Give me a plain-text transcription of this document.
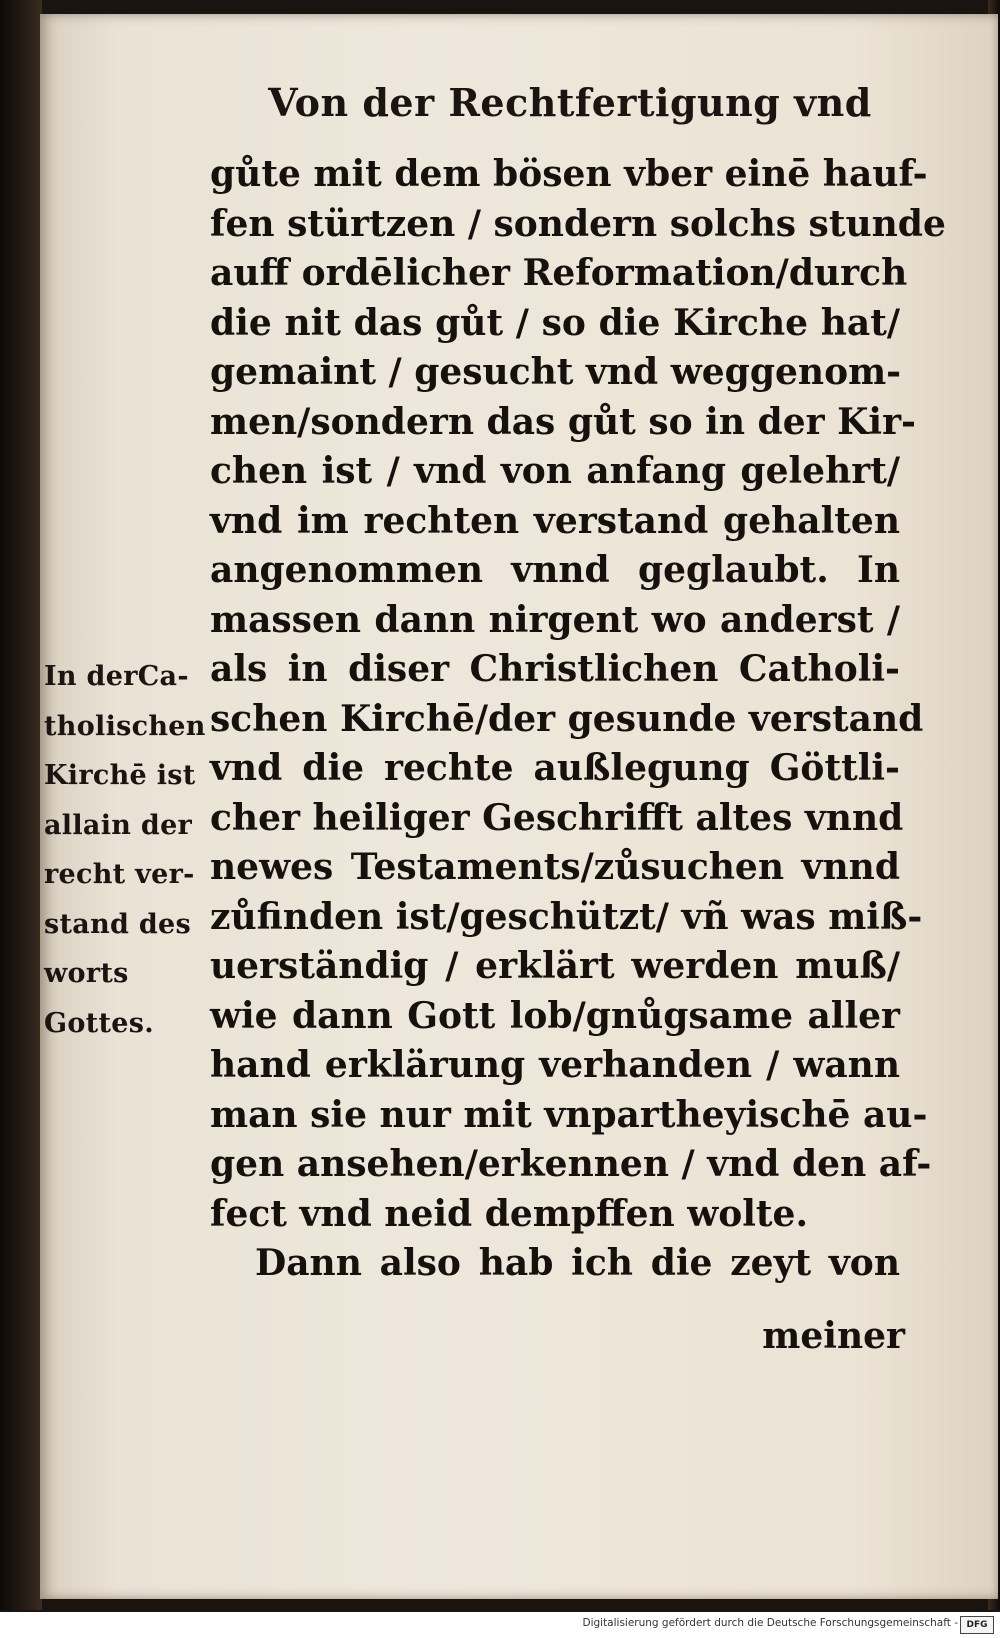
Von der Rechtfertigung vnd
gůte mit dem bösen vber einē hauf-
fen stürtzen / sondern solchs stunde
auff ordēlicher Reformation/durch
die nit das gůt / so die Kirche hat/
gemaint / gesucht vnd weggenom-
men/sondern das gůt so in der Kir-
chen ist / vnd von anfang gelehrt/
vnd im rechten verstand gehalten
angenommen vnnd geglaubt. In
massen dann nirgent wo anderst /
als in diser Christlichen Catholi-
schen Kirchē/der gesunde verstand
vnd die rechte außlegung Göttli-
cher heiliger Geschrifft altes vnnd
newes Testaments/zůsuchen vnnd
zůfinden ist/geschützt/ vñ was miß-
uerständig / erklärt werden muß/
wie dann Gott lob/gnůgsame aller
hand erklärung verhanden / wann
man sie nur mit vnpartheyischē au-
gen ansehen/erkennen / vnd den af-
fect vnd neid dempffen wolte.
Dann also hab ich die zeyt von
meiner
In derCa-
tholischen
Kirchē ist
allain der
recht ver-
stand des
worts
Gottes.
Digitalisierung gefördert durch die Deutsche Forschungsgemeinschaft - DFG
